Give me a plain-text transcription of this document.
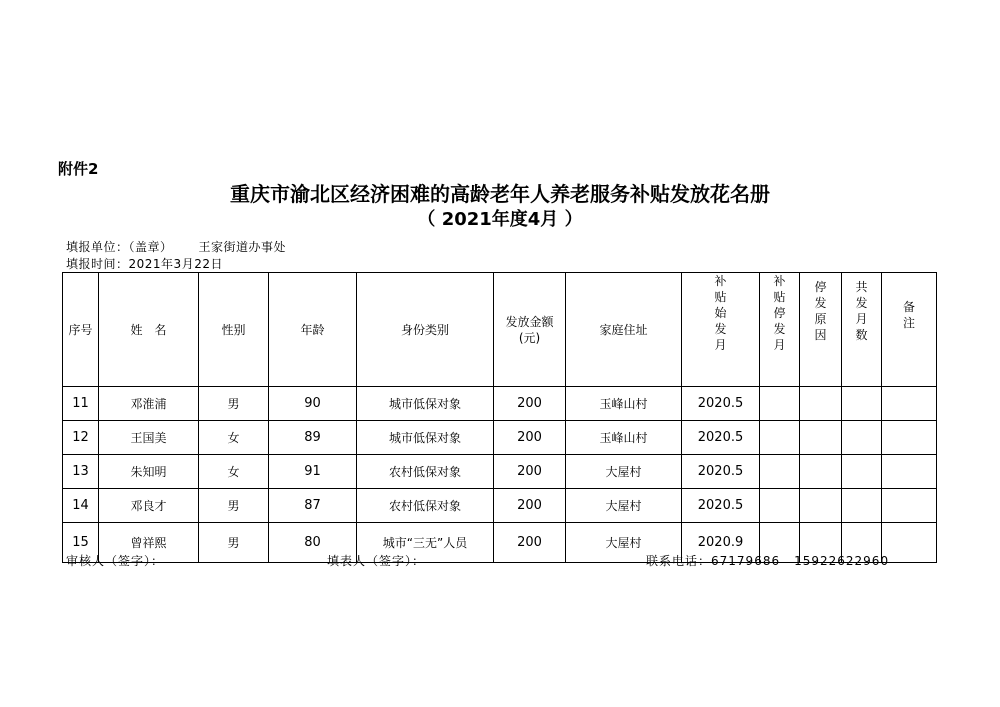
附件2
重庆市渝北区经济困难的高龄老年人养老服务补贴发放花名册
（ 2021年度4月 ）
填报单位：（盖章） 王家街道办事处
填报时间：2021年3月22日
序号	姓　名	性别	年龄	身份类别	发放金额(元)	家庭住址	补贴始发月	补贴停发月	停发原因	共发月数	备注

11	邓淮浦	男	90	城市低保对象	200	玉峰山村	2020.5				
12	王国美	女	89	城市低保对象	200	玉峰山村	2020.5				
13	朱知明	女	91	农村低保对象	200	大屋村	2020.5				
14	邓良才	男	87	农村低保对象	200	大屋村	2020.5				
15	曾祥熙	男	80	城市“三无”人员	200	大屋村	2020.9				
审核人（签字）：	填表人（签字）：	联系电话：67179686 15922622960
